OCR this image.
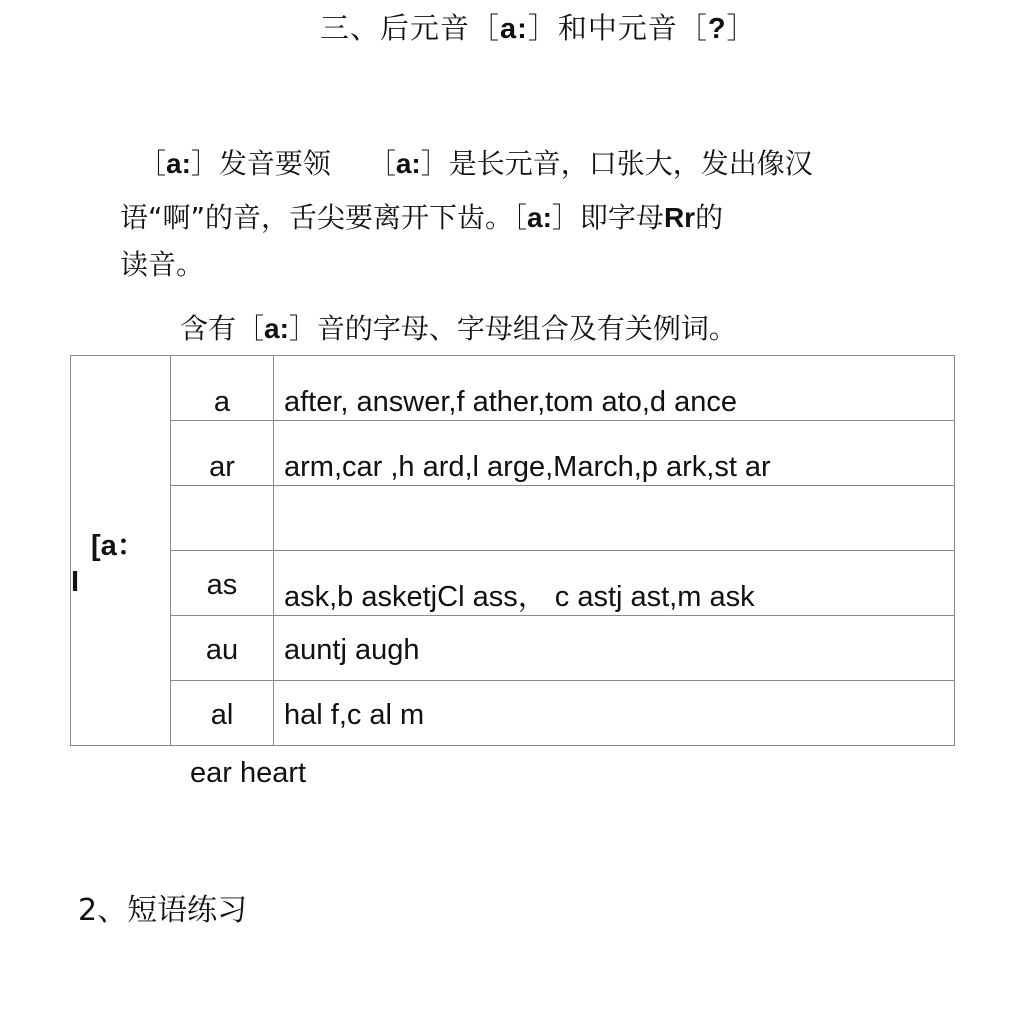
三、后元音［a:］和中元音［?］
［a:］发音要领　 ［a:］是长元音，口张大，发出像汉
语“啊”的音，舌尖要离开下齿。［a:］即字母Rr的
读音。
含有［a:］音的字母、字母组合及有关例词。
[a：
I	a	after, answer,f ather,tom ato,d ance

	ar	arm,car ,h ard,l arge,March,p ark,st ar

	as	ask,b asketjCl ass， c astj ast,m ask

	au	auntj augh

	al	hal f,c al m
ear heart
2、短语练习
